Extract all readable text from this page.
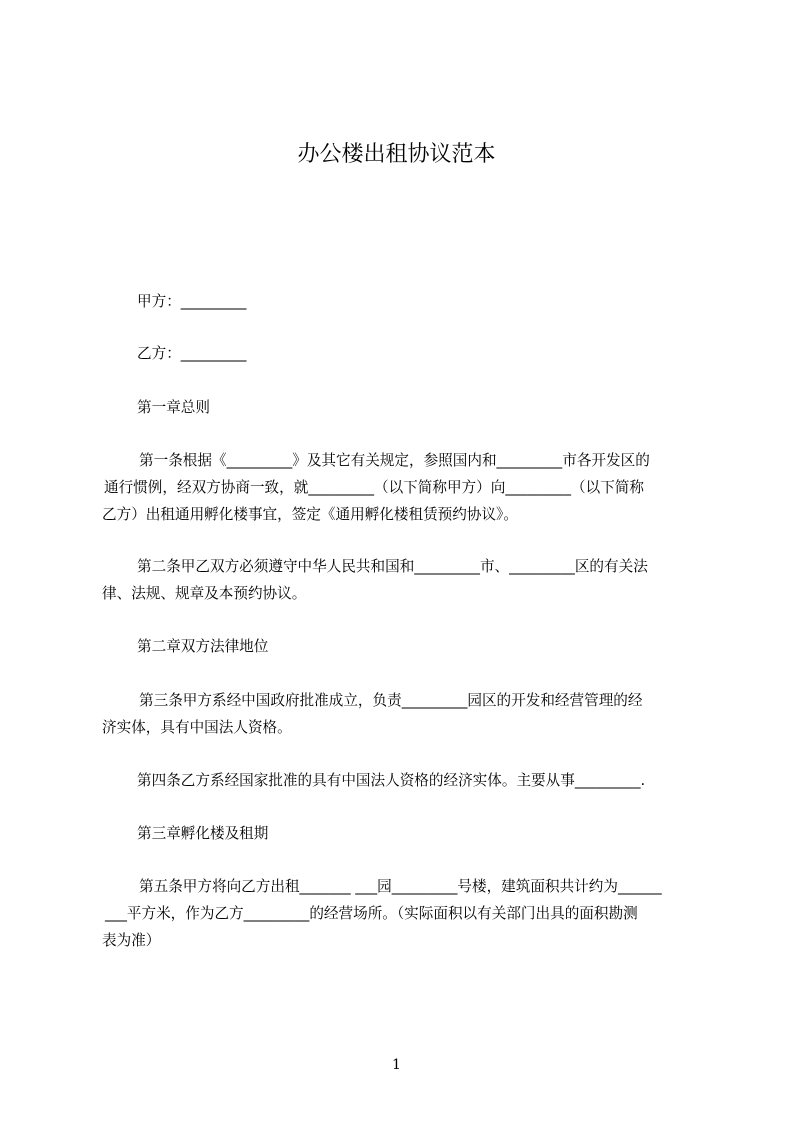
办公楼出租协议范本

甲方：_________

乙方：_________

第一章总则

第一条根据《_________》及其它有关规定，参照国内和_________市各开发区的
通行惯例，经双方协商一致，就_________（以下简称甲方）向_________（以下简称
乙方）出租通用孵化楼事宜，签定《通用孵化楼租赁预约协议》。
第二条甲乙双方必须遵守中华人民共和国和_________市、_________区的有关法
律、法规、规章及本预约协议。

第二章双方法律地位

第三条甲方系经中国政府批准成立，负责_________园区的开发和经营管理的经
济实体，具有中国法人资格。

第四条乙方系经国家批准的具有中国法人资格的经济实体。主要从事_________.

第三章孵化楼及租期

第五条甲方将向乙方出租_______ ___园_________号楼，建筑面积共计约为______
___平方米，作为乙方_________的经营场所。（实际面积以有关部门出具的面积勘测
表为准）
1
